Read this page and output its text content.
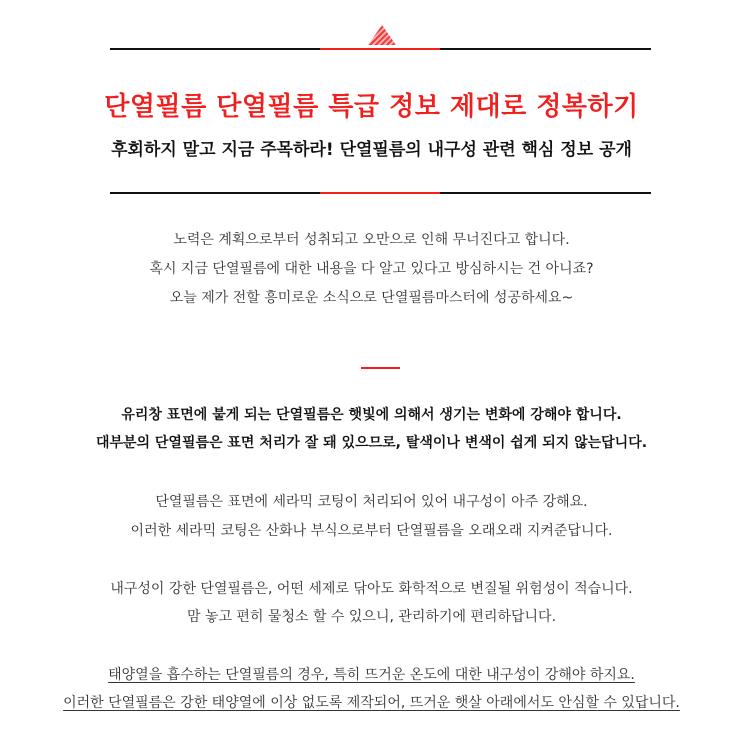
단열필름 단열필름 특급 정보 제대로 정복하기
후회하지 말고 지금 주목하라! 단열필름의 내구성 관련 핵심 정보 공개
노력은 계획으로부터 성취되고 오만으로 인해 무너진다고 합니다.
혹시 지금 단열필름에 대한 내용을 다 알고 있다고 방심하시는 건 아니죠?
오늘 제가 전할 흥미로운 소식으로 단열필름마스터에 성공하세요~
유리창 표면에 붙게 되는 단열필름은 햇빛에 의해서 생기는 변화에 강해야 합니다.
대부분의 단열필름은 표면 처리가 잘 돼 있으므로, 탈색이나 변색이 쉽게 되지 않는답니다.
단열필름은 표면에 세라믹 코팅이 처리되어 있어 내구성이 아주 강해요.
이러한 세라믹 코팅은 산화나 부식으로부터 단열필름을 오래오래 지켜준답니다.
내구성이 강한 단열필름은, 어떤 세제로 닦아도 화학적으로 변질될 위험성이 적습니다.
맘 놓고 편히 물청소 할 수 있으니, 관리하기에 편리하답니다.
태양열을 흡수하는 단열필름의 경우, 특히 뜨거운 온도에 대한 내구성이 강해야 하지요.
이러한 단열필름은 강한 태양열에 이상 없도록 제작되어, 뜨거운 햇살 아래에서도 안심할 수 있답니다.
